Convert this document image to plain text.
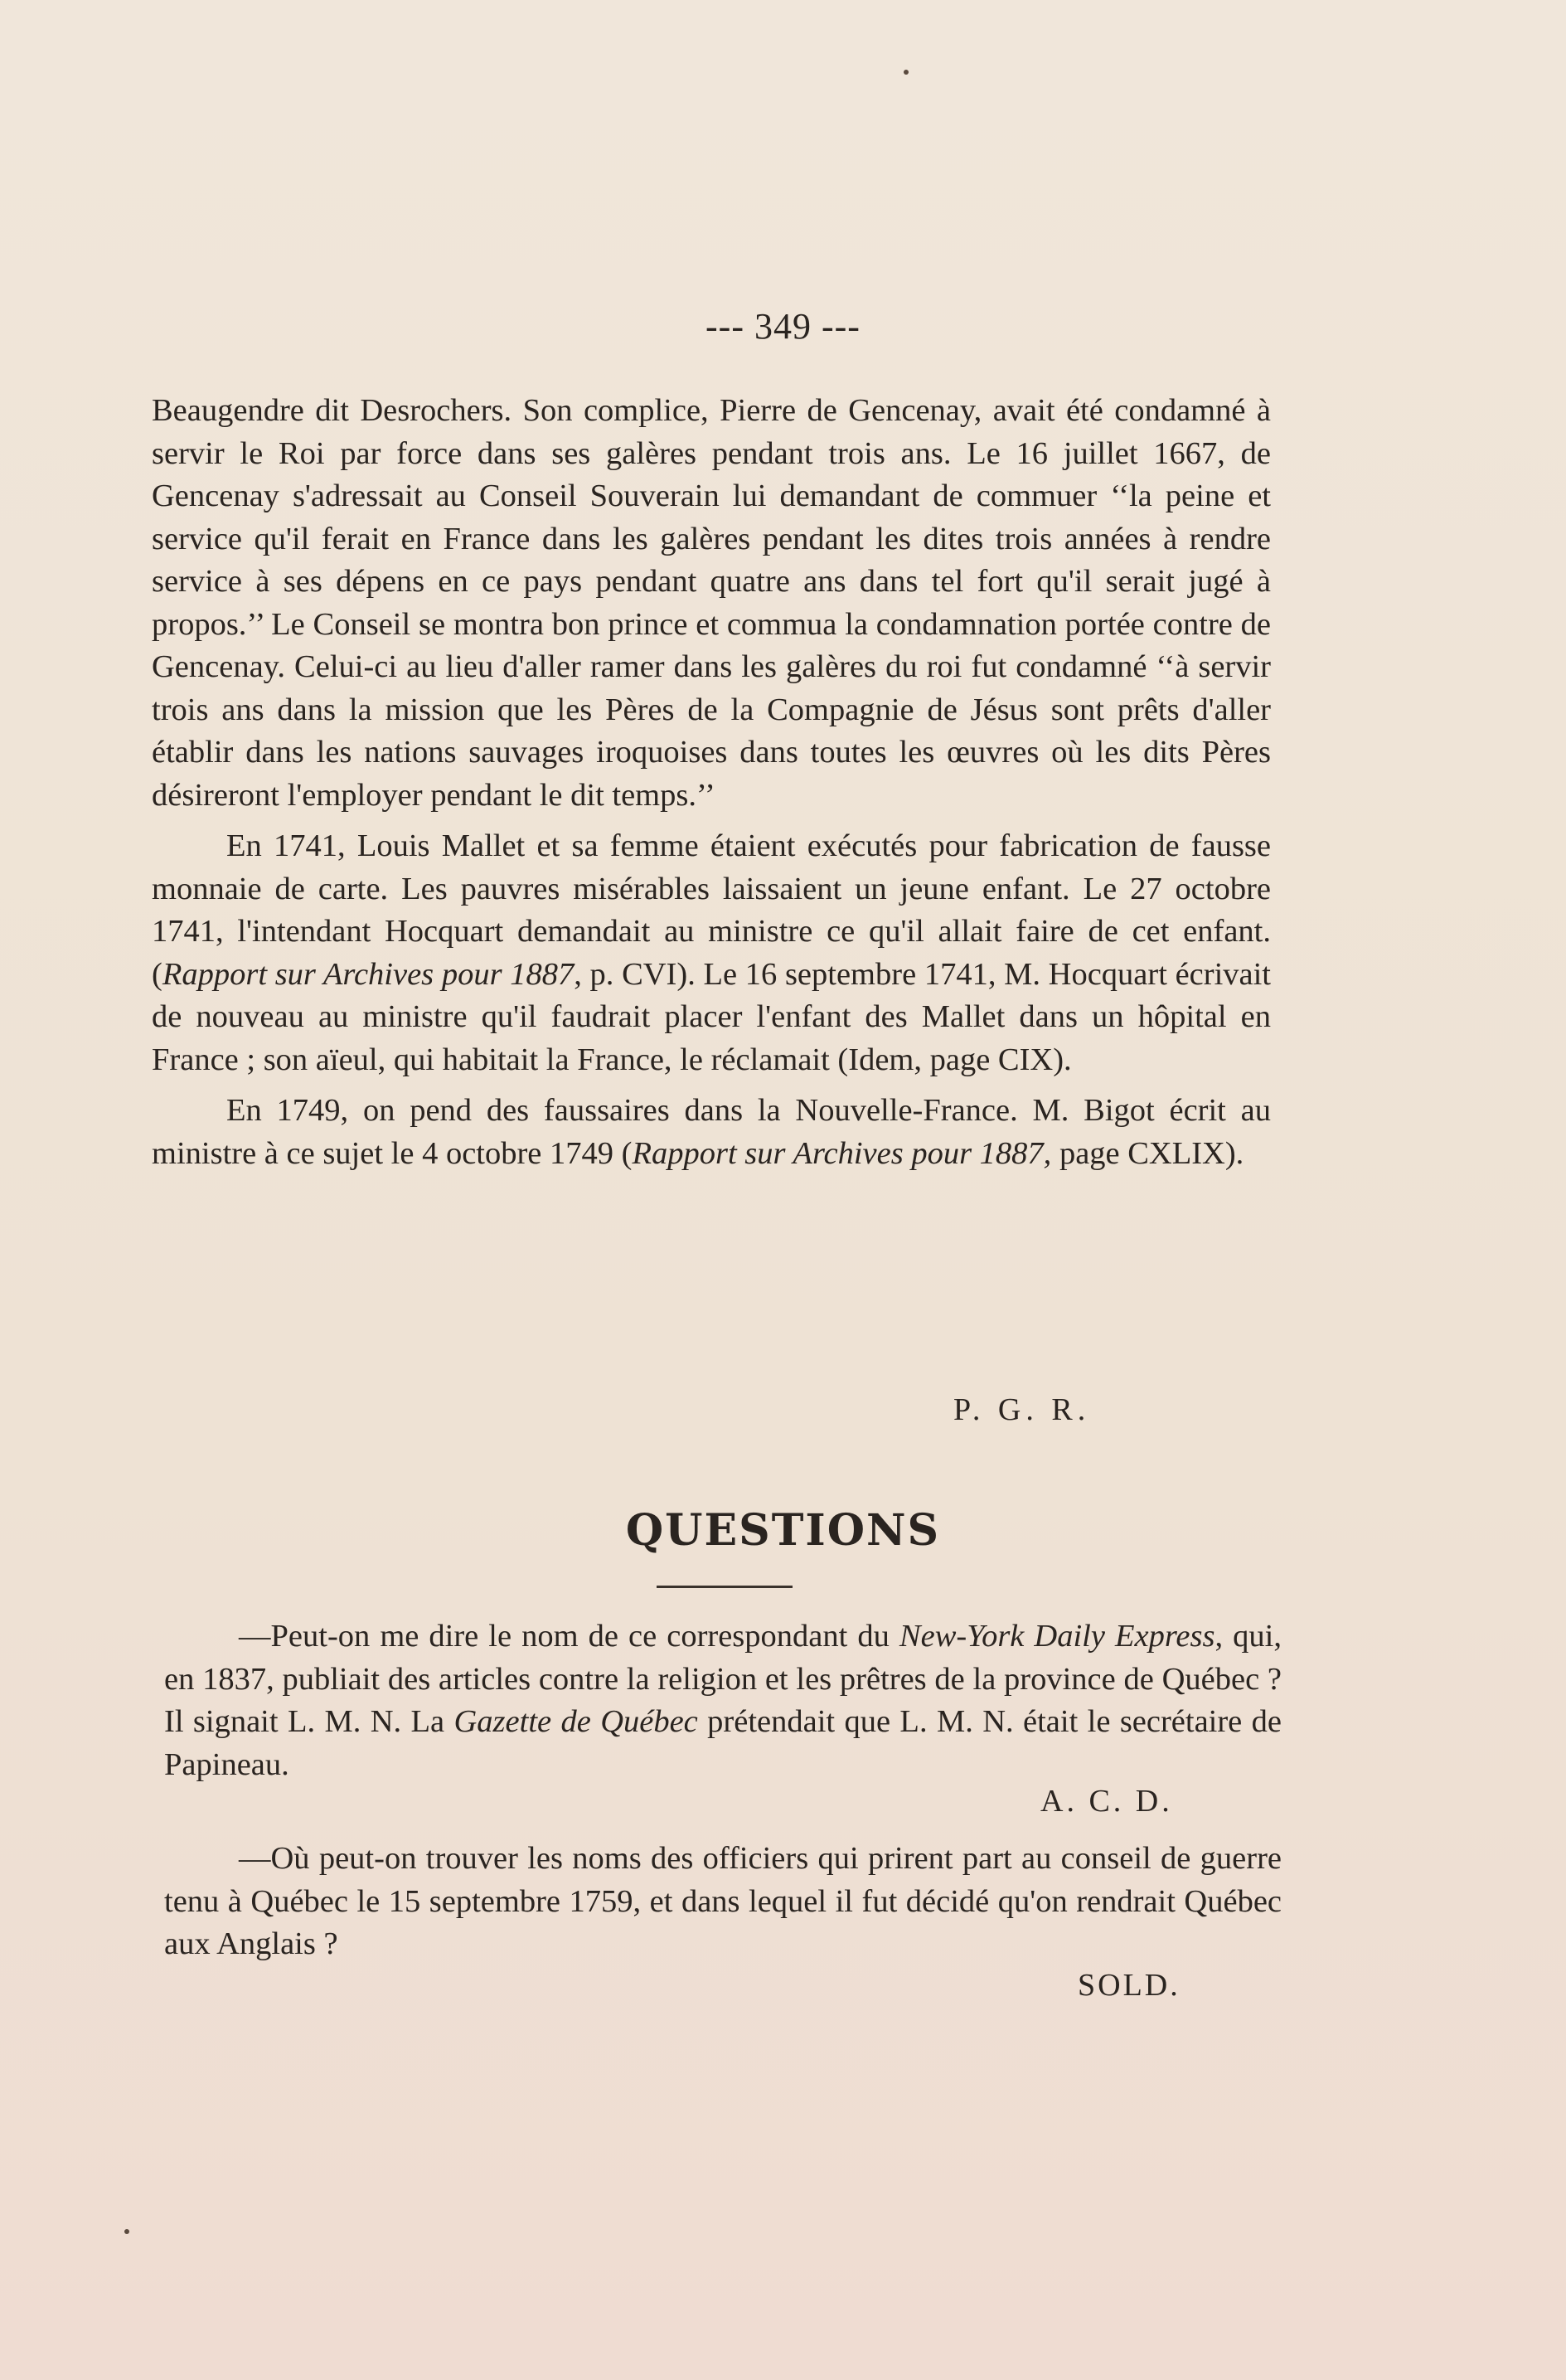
--- 349 ---

Beaugendre dit Desrochers. Son complice, Pierre de Gencenay, avait été condamné à servir le Roi par force dans ses galères pendant trois ans. Le 16 juillet 1667, de Gencenay s'adressait au Conseil Souverain lui demandant de commuer ‘‘la peine et service qu'il ferait en France dans les galères pendant les dites trois années à rendre service à ses dépens en ce pays pendant quatre ans dans tel fort qu'il serait jugé à propos.’’ Le Conseil se montra bon prince et commua la condamnation portée contre de Gencenay. Celui-ci au lieu d'aller ramer dans les galères du roi fut condamné ‘‘à servir trois ans dans la mission que les Pères de la Compagnie de Jésus sont prêts d'aller établir dans les nations sauvages iroquoises dans toutes les œuvres où les dits Pères désireront l'employer pendant le dit temps.’’

En 1741, Louis Mallet et sa femme étaient exécutés pour fabrication de fausse monnaie de carte. Les pauvres misérables laissaient un jeune enfant. Le 27 octobre 1741, l'intendant Hocquart demandait au ministre ce qu'il allait faire de cet enfant. (Rapport sur Archives pour 1887, p. CVI). Le 16 septembre 1741, M. Hocquart écrivait de nouveau au ministre qu'il faudrait placer l'enfant des Mallet dans un hôpital en France ; son aïeul, qui habitait la France, le réclamait (Idem, page CIX).

En 1749, on pend des faussaires dans la Nouvelle-France. M. Bigot écrit au ministre à ce sujet le 4 octobre 1749 (Rapport sur Archives pour 1887, page CXLIX).

P. G. R.
QUESTIONS

—Peut-on me dire le nom de ce correspondant du New-York Daily Express, qui, en 1837, publiait des articles contre la religion et les prêtres de la province de Québec ? Il signait L. M. N. La Gazette de Québec prétendait que L. M. N. était le secrétaire de Papineau.

A. C. D.

—Où peut-on trouver les noms des officiers qui prirent part au conseil de guerre tenu à Québec le 15 septembre 1759, et dans lequel il fut décidé qu'on rendrait Québec aux Anglais ?

SOLD.
